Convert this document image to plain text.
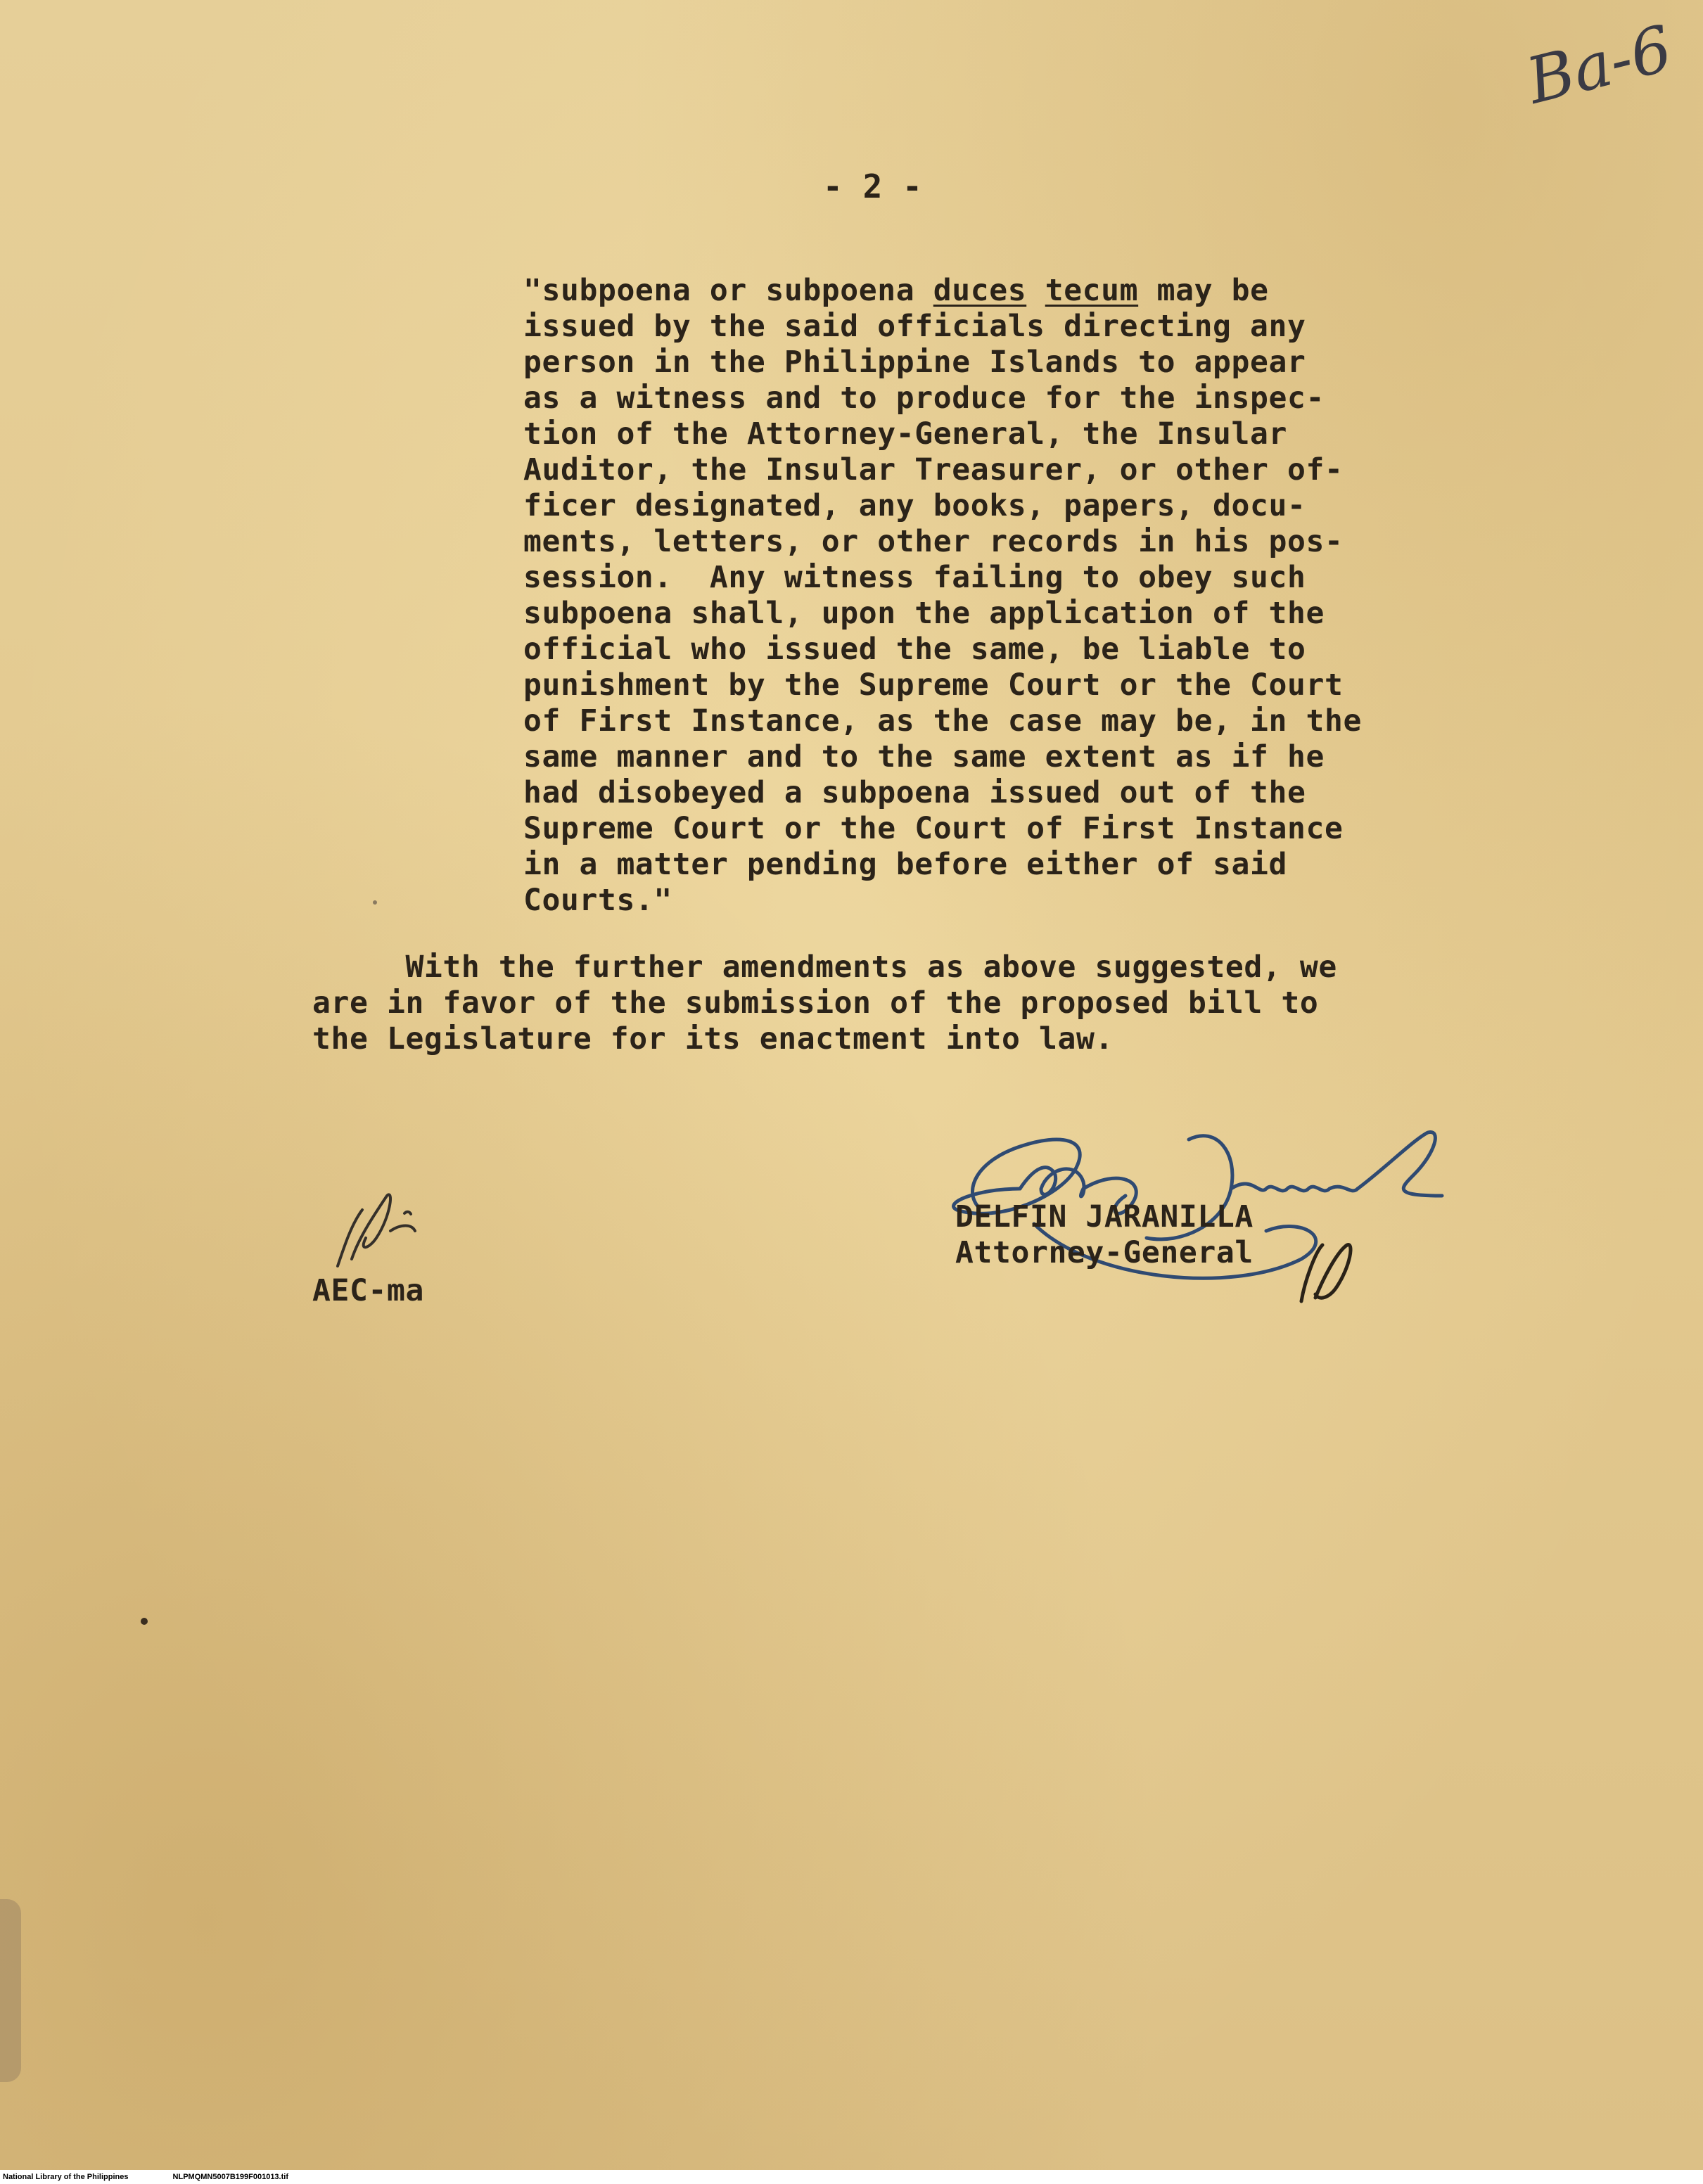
Ba-6
- 2 -
"subpoena or subpoena duces tecum may be
issued by the said officials directing any
person in the Philippine Islands to appear
as a witness and to produce for the inspec-
tion of the Attorney-General, the Insular
Auditor, the Insular Treasurer, or other of-
ficer designated, any books, papers, docu-
ments, letters, or other records in his pos-
session.  Any witness failing to obey such
subpoena shall, upon the application of the
official who issued the same, be liable to
punishment by the Supreme Court or the Court
of First Instance, as the case may be, in the
same manner and to the same extent as if he
had disobeyed a subpoena issued out of the
Supreme Court or the Court of First Instance
in a matter pending before either of said
Courts."
With the further amendments as above suggested, we
are in favor of the submission of the proposed bill to
the Legislature for its enactment into law.
DELFIN JARANILLA
Attorney-General
AEC-ma
National Library of the Philippines	NLPMQMN5007B199F001013.tif
